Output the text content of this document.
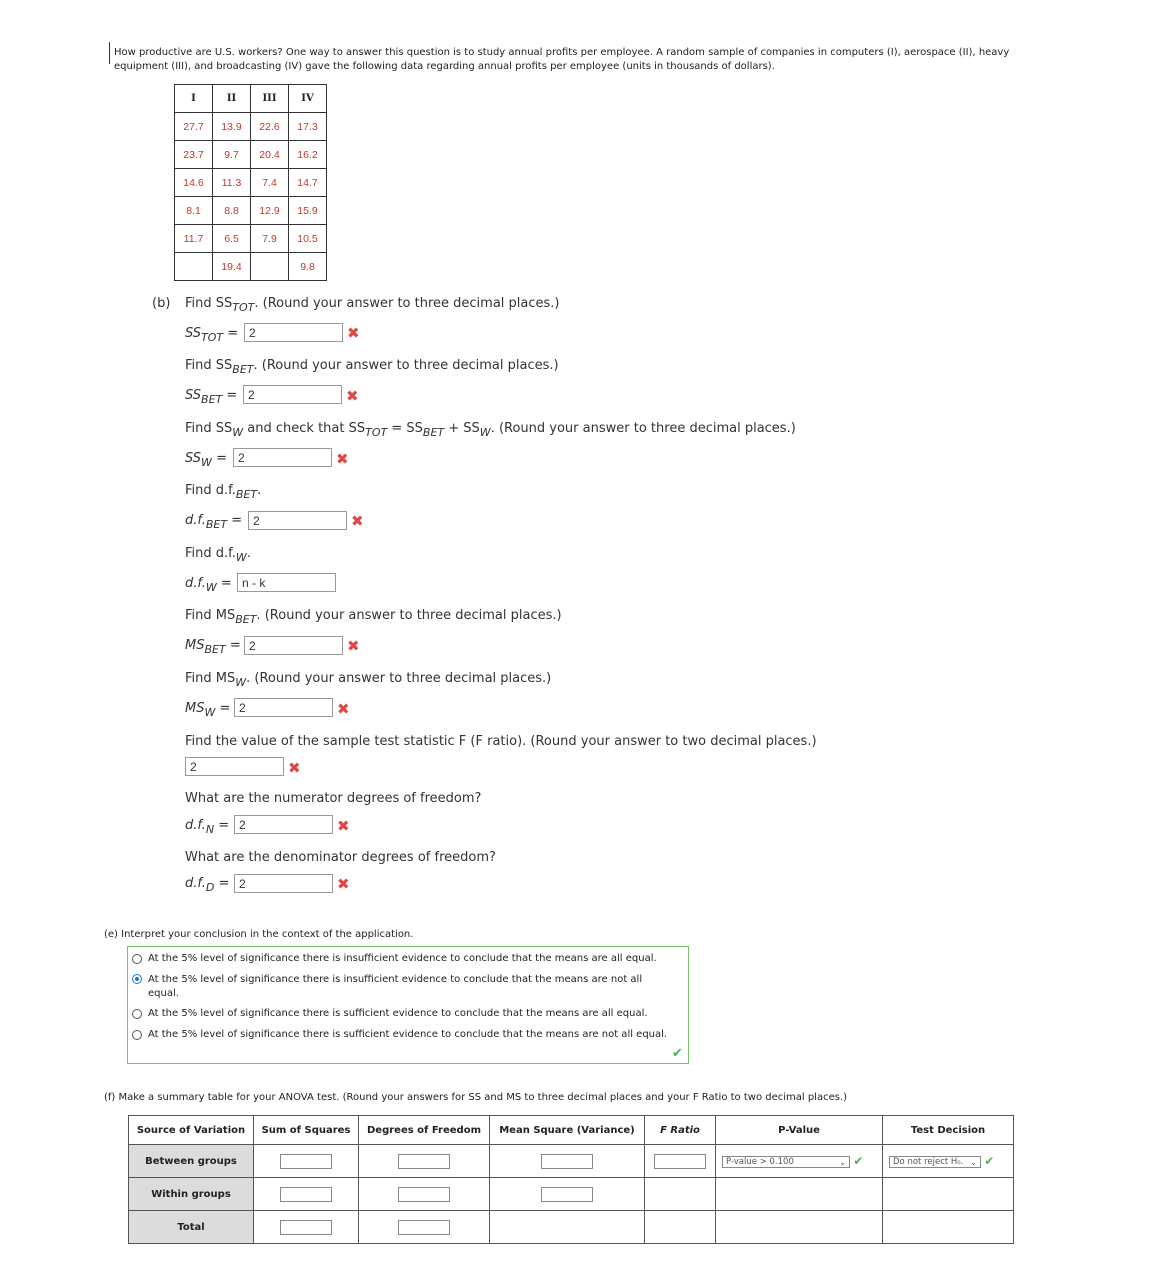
How productive are U.S. workers? One way to answer this question is to study annual profits per employee. A random sample of companies in computers (I), aerospace (II), heavy equipment (III), and broadcasting (IV) gave the following data regarding annual profits per employee (units in thousands of dollars).
I	II	III	IV
27.7	13.9	22.6	17.3
23.7	9.7	20.4	16.2
14.6	11.3	7.4	14.7
8.1	8.8	12.9	15.9
11.7	6.5	7.9	10.5
	19.4		9.8
(b) Find $SS_{TOT}$. (Round your answer to three decimal places.)
$SS_{TOT} = 2$	✖
Find $SS_{BET}$. (Round your answer to three decimal places.)
$SS_{BET} = 2$	✖
Find $SS_W$ and check that $SS_{TOT} = SS_{BET} + SS_W$. (Round your answer to three decimal places.)
$SS_W = 2$	✖
Find $d.f._{BET}$.
$d.f._{BET} = 2$	✖
Find $d.f._W$.
$d.f._W = n - k$
Find $MS_{BET}$. (Round your answer to three decimal places.)
$MS_{BET} = 2$	✖
Find $MS_W$. (Round your answer to three decimal places.)
$MS_W = 2$	✖
Find the value of the sample test statistic F (F ratio). (Round your answer to two decimal places.)
2	✖
What are the numerator degrees of freedom?
$d.f._N = 2$	✖
What are the denominator degrees of freedom?
$d.f._D = 2$	✖
(e) Interpret your conclusion in the context of the application.
At the 5% level of significance there is insufficient evidence to conclude that the means are all equal.
At the 5% level of significance there is insufficient evidence to conclude that the means are not all equal.
At the 5% level of significance there is sufficient evidence to conclude that the means are all equal.
At the 5% level of significance there is sufficient evidence to conclude that the means are not all equal.
✔
(f) Make a summary table for your ANOVA test. (Round your answers for SS and MS to three decimal places and your F Ratio to two decimal places.)
Source of Variation	Sum of Squares	Degrees of Freedom	Mean Square (Variance)	F Ratio	P-Value	Test Decision
Between groups					P-value > 0.100 ⌄ ✔	Do not reject H₀. ⌄ ✔
Within groups						
Total						
